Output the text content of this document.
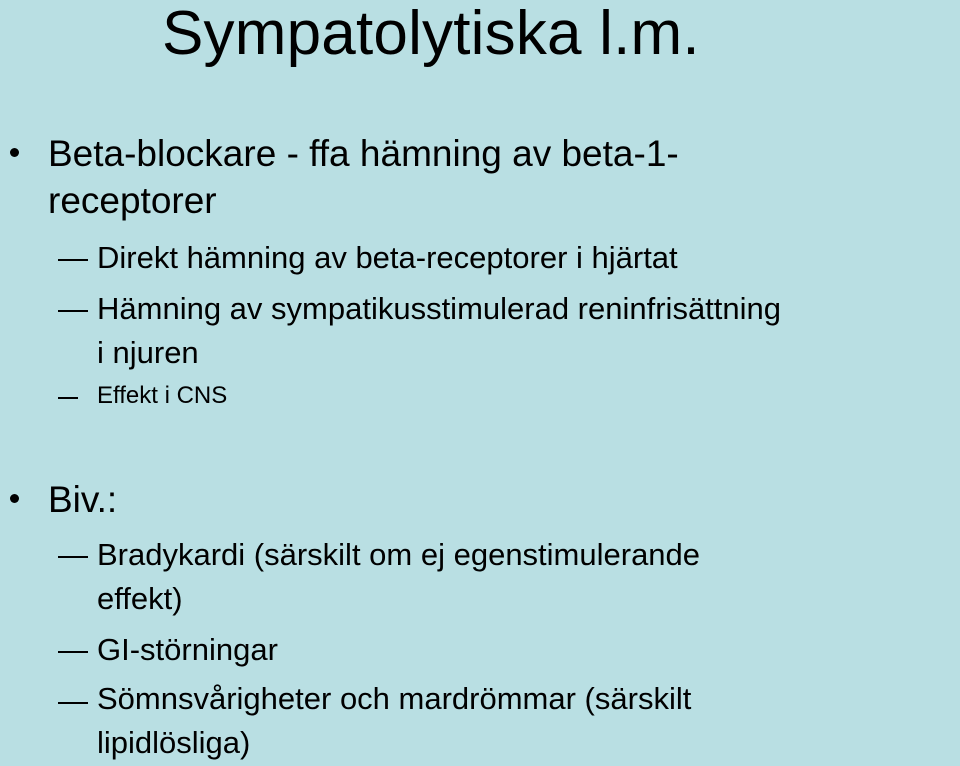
Sympatolytiska l.m.
Beta-blockare - ffa hämning av beta-1-
receptorer
Direkt hämning av beta-receptorer i hjärtat
Hämning av sympatikusstimulerad reninfrisättning
i njuren
Effekt i CNS
Biv.:
Bradykardi (särskilt om ej egenstimulerande
effekt)
GI-störningar
Sömnsvårigheter och mardrömmar (särskilt
lipidlösliga)
